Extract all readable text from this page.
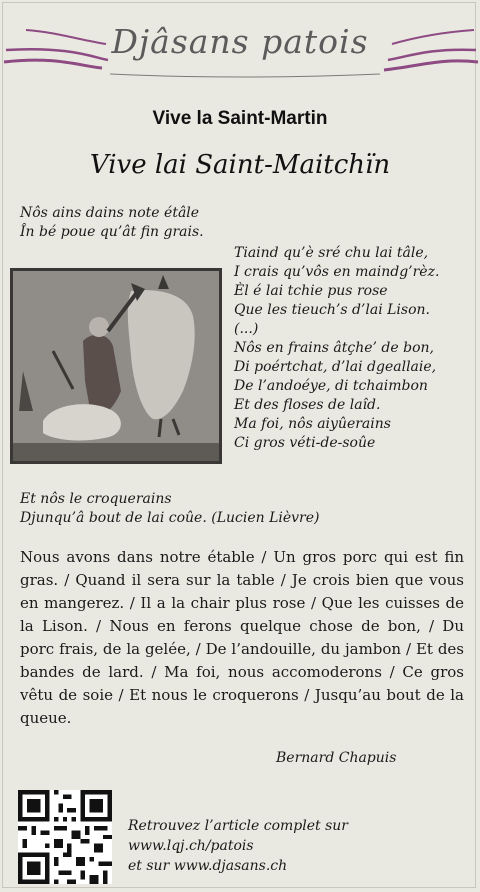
Djâsans patois
Vive la Saint-Martin
Vive lai Saint-Maitchïn
Nôs ains dains note étâle
În bé poue qu’ât fin grais.
Tiaind qu’è sré chu lai tâle,
I crais qu’vôs en maindg’rèz.
Èl é lai tchie pus rose
Que les tieuch’s d’lai Lison.
(...)
Nôs en frains âtçhe’ de bon,
Di poértchat, d’lai dgeallaie,
De l’andoéye, di tchaimbon
Et des floses de laîd.
Ma foi, nôs aiyûerains
Ci gros véti-de-soûe
Et nôs le croquerains
Djunqu’â bout de lai coûe. (Lucien Lièvre)
Nous avons dans notre étable / Un gros porc qui est fin gras. / Quand il sera sur la table / Je crois bien que vous en mangerez. / Il a la chair plus rose / Que les cuisses de la Lison. / Nous en ferons quelque chose de bon, / Du porc frais, de la gelée, / De l’andouille, du jambon / Et des bandes de lard. / Ma foi, nous accomoderons / Ce gros vêtu de soie / Et nous le croquerons / Jusqu’au bout de la queue.
Bernard Chapuis
Retrouvez l’article complet sur
www.lqj.ch/patois
et sur www.djasans.ch
